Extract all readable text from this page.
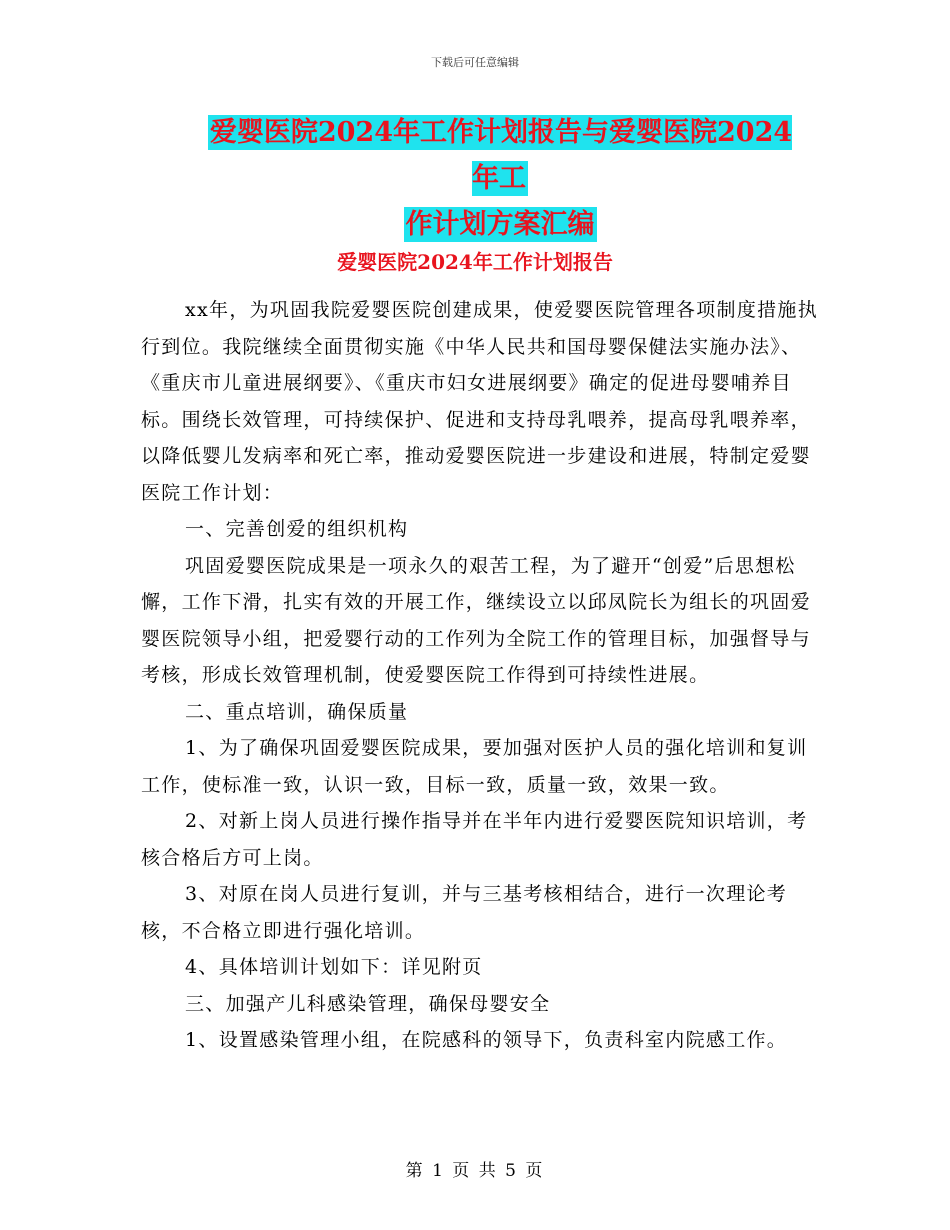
下载后可任意编辑
爱婴医院2024年工作计划报告与爱婴医院2024年工
作计划方案汇编
爱婴医院2024年工作计划报告

xx年，为巩固我院爱婴医院创建成果，使爱婴医院管理各项制度措施执行到位。我院继续全面贯彻实施《中华人民共和国母婴保健法实施办法》、《重庆市儿童进展纲要》、《重庆市妇女进展纲要》确定的促进母婴哺养目标。围绕长效管理，可持续保护、促进和支持母乳喂养，提高母乳喂养率，以降低婴儿发病率和死亡率，推动爱婴医院进一步建设和进展，特制定爱婴医院工作计划：

一、完善创爱的组织机构

巩固爱婴医院成果是一项永久的艰苦工程，为了避开“创爱”后思想松懈，工作下滑，扎实有效的开展工作，继续设立以邱凤院长为组长的巩固爱婴医院领导小组，把爱婴行动的工作列为全院工作的管理目标，加强督导与考核，形成长效管理机制，使爱婴医院工作得到可持续性进展。

二、重点培训，确保质量

1、为了确保巩固爱婴医院成果，要加强对医护人员的强化培训和复训工作，使标准一致，认识一致，目标一致，质量一致，效果一致。

2、对新上岗人员进行操作指导并在半年内进行爱婴医院知识培训，考核合格后方可上岗。

3、对原在岗人员进行复训，并与三基考核相结合，进行一次理论考核，不合格立即进行强化培训。

4、具体培训计划如下：详见附页

三、加强产儿科感染管理，确保母婴安全

1、设置感染管理小组，在院感科的领导下，负责科室内院感工作。

第 1 页 共 5 页
